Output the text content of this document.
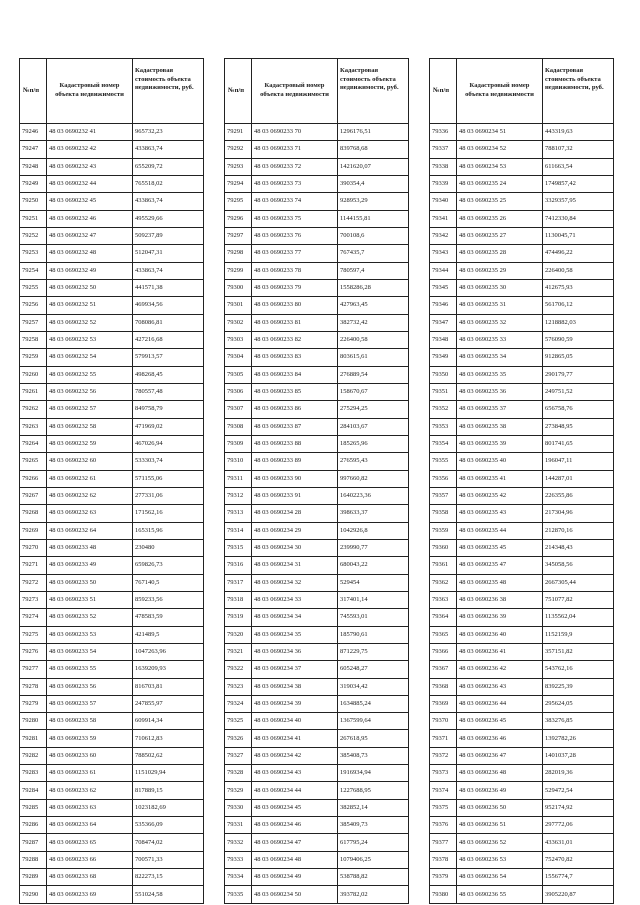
№п/п	Кадастровый номер объекта недвижимости	Кадастровая стоимость объекта недвижимости, руб.
79246	48 03 0690232 41	965732,23
79247	48 03 0690232 42	433863,74
79248	48 03 0690232 43	655209,72
79249	48 03 0690232 44	765518,02
79250	48 03 0690232 45	433863,74
79251	48 03 0690232 46	495529,66
79252	48 03 0690232 47	509237,89
79253	48 03 0690232 48	512047,31
79254	48 03 0690232 49	433863,74
79255	48 03 0690232 50	441571,38
79256	48 03 0690232 51	469934,56
79257	48 03 0690232 52	708086,81
79258	48 03 0690232 53	427216,68
79259	48 03 0690232 54	579913,57
79260	48 03 0690232 55	498268,45
79261	48 03 0690232 56	780557,48
79262	48 03 0690232 57	849758,79
79263	48 03 0690232 58	471969,02
79264	48 03 0690232 59	467026,94
79265	48 03 0690232 60	533303,74
79266	48 03 0690232 61	571155,06
79267	48 03 0690232 62	277331,06
79268	48 03 0690232 63	171562,16
79269	48 03 0690232 64	165315,96
79270	48 03 0690233 48	230480
79271	48 03 0690233 49	659826,73
79272	48 03 0690233 50	767140,5
79273	48 03 0690233 51	859233,56
79274	48 03 0690233 52	478583,59
79275	48 03 0690233 53	421489,5
79276	48 03 0690233 54	1047263,96
79277	48 03 0690233 55	1639209,93
79278	48 03 0690233 56	816703,81
79279	48 03 0690233 57	247855,97
79280	48 03 0690233 58	609914,34
79281	48 03 0690233 59	710612,83
79282	48 03 0690233 60	788502,62
79283	48 03 0690233 61	1151029,94
79284	48 03 0690233 62	817889,15
79285	48 03 0690233 63	1023182,69
79286	48 03 0690233 64	535366,09
79287	48 03 0690233 65	708474,02
79288	48 03 0690233 66	700571,33
79289	48 03 0690233 68	822273,15
79290	48 03 0690233 69	551024,58
№п/п	Кадастровый номер объекта недвижимости	Кадастровая стоимость объекта недвижимости, руб.
79291	48 03 0690233 70	1296176,51
79292	48 03 0690233 71	839768,68
79293	48 03 0690233 72	1421620,07
79294	48 03 0690233 73	390354,4
79295	48 03 0690233 74	928953,29
79296	48 03 0690233 75	1144155,81
79297	48 03 0690233 76	700108,6
79298	48 03 0690233 77	767435,7
79299	48 03 0690233 78	780597,4
79300	48 03 0690233 79	1558286,28
79301	48 03 0690233 80	427963,45
79302	48 03 0690233 81	382732,42
79303	48 03 0690233 82	226400,58
79304	48 03 0690233 83	803615,61
79305	48 03 0690233 84	276889,54
79306	48 03 0690233 85	158670,67
79307	48 03 0690233 86	275294,25
79308	48 03 0690233 87	284103,67
79309	48 03 0690233 88	185265,96
79310	48 03 0690233 89	276595,43
79311	48 03 0690233 90	997660,82
79312	48 03 0690233 91	1640223,36
79313	48 03 0690234 28	398633,37
79314	48 03 0690234 29	1042926,8
79315	48 03 0690234 30	239990,77
79316	48 03 0690234 31	680043,22
79317	48 03 0690234 32	529454
79318	48 03 0690234 33	317401,14
79319	48 03 0690234 34	745593,01
79320	48 03 0690234 35	185790,61
79321	48 03 0690234 36	871229,75
79322	48 03 0690234 37	605248,27
79323	48 03 0690234 38	319034,42
79324	48 03 0690234 39	1634885,24
79325	48 03 0690234 40	1367599,64
79326	48 03 0690234 41	267618,95
79327	48 03 0690234 42	385408,73
79328	48 03 0690234 43	1916934,94
79329	48 03 0690234 44	1227688,95
79330	48 03 0690234 45	382852,14
79331	48 03 0690234 46	385409,73
79332	48 03 0690234 47	617795,24
79333	48 03 0690234 48	1079406,25
79334	48 03 0690234 49	538788,82
79335	48 03 0690234 50	393782,02
№п/п	Кадастровый номер объекта недвижимости	Кадастровая стоимость объекта недвижимости, руб.
79336	48 03 0690234 51	443319,63
79337	48 03 0690234 52	788107,32
79338	48 03 0690234 53	611663,54
79339	48 03 0690235 24	1749857,42
79340	48 03 0690235 25	3329357,95
79341	48 03 0690235 26	7412330,84
79342	48 03 0690235 27	1130045,71
79343	48 03 0690235 28	474496,22
79344	48 03 0690235 29	226400,58
79345	48 03 0690235 30	412675,93
79346	48 03 0690235 31	561706,12
79347	48 03 0690235 32	1218882,03
79348	48 03 0690235 33	576090,59
79349	48 03 0690235 34	912865,05
79350	48 03 0690235 35	290179,77
79351	48 03 0690235 36	249751,52
79352	48 03 0690235 37	656758,76
79353	48 03 0690235 38	273848,95
79354	48 03 0690235 39	801741,65
79355	48 03 0690235 40	196047,11
79356	48 03 0690235 41	144287,01
79357	48 03 0690235 42	226355,86
79358	48 03 0690235 43	217304,96
79359	48 03 0690235 44	212870,16
79360	48 03 0690235 45	214348,43
79361	48 03 0690235 47	345058,56
79362	48 03 0690235 48	2667305,44
79363	48 03 0690236 38	751077,82
79364	48 03 0690236 39	1135562,04
79365	48 03 0690236 40	1152159,9
79366	48 03 0690236 41	357151,82
79367	48 03 0690236 42	543762,16
79368	48 03 0690236 43	839225,39
79369	48 03 0690236 44	295624,05
79370	48 03 0690236 45	383276,85
79371	48 03 0690236 46	1392782,26
79372	48 03 0690236 47	1401037,28
79373	48 03 0690236 48	282019,36
79374	48 03 0690236 49	529472,54
79375	48 03 0690236 50	952174,92
79376	48 03 0690236 51	297772,06
79377	48 03 0690236 52	433631,01
79378	48 03 0690236 53	752470,82
79379	48 03 0690236 54	1556774,7
79380	48 03 0690236 55	3905220,87
